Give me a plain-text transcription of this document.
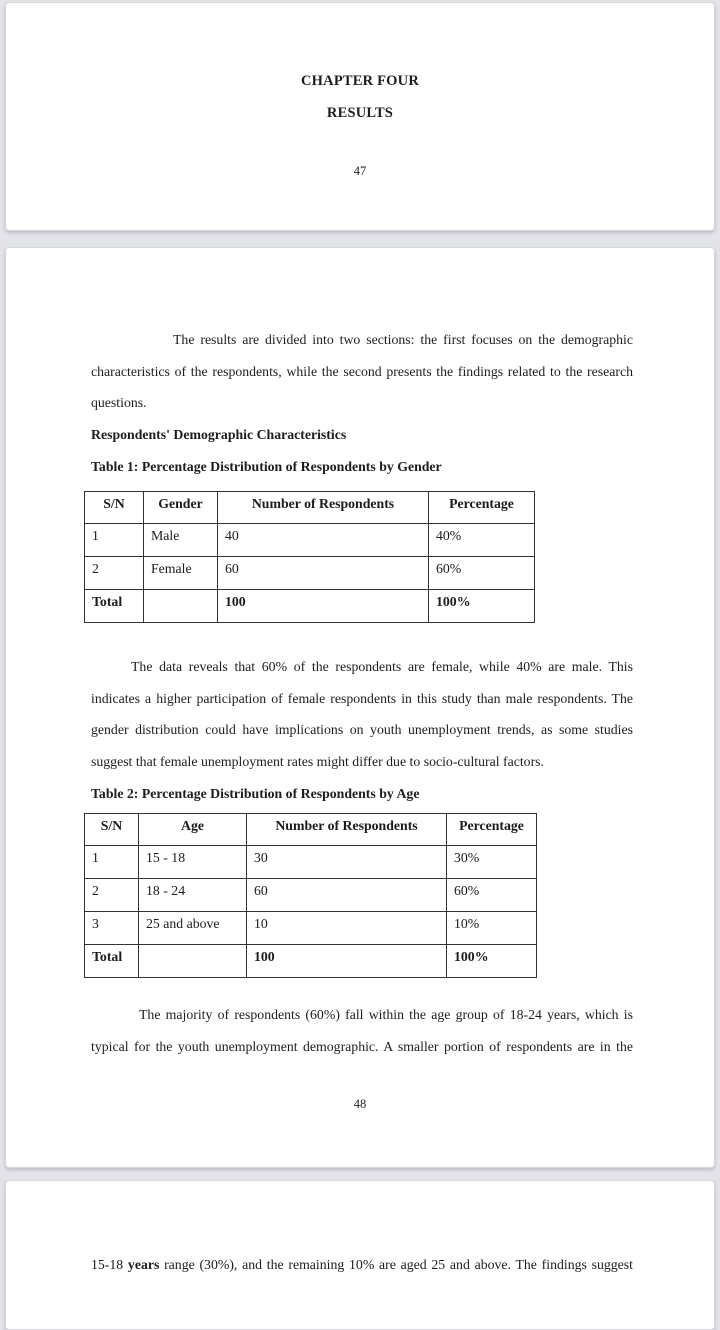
CHAPTER FOUR
RESULTS
47
The results are divided into two sections: the first focuses on the demographic
characteristics of the respondents, while the second presents the findings related to the research
questions.
Respondents' Demographic Characteristics
Table 1: Percentage Distribution of Respondents by Gender
S/N	Gender	Number of Respondents	Percentage
1	Male	40	40%
2	Female	60	60%
Total		100	100%
The data reveals that 60% of the respondents are female, while 40% are male. This
indicates a higher participation of female respondents in this study than male respondents. The
gender distribution could have implications on youth unemployment trends, as some studies
suggest that female unemployment rates might differ due to socio-cultural factors.
Table 2: Percentage Distribution of Respondents by Age
S/N	Age	Number of Respondents	Percentage
1	15 - 18	30	30%
2	18 - 24	60	60%
3	25 and above	10	10%
Total		100	100%
The majority of respondents (60%) fall within the age group of 18-24 years, which is
typical for the youth unemployment demographic. A smaller portion of respondents are in the
48
15-18 years range (30%), and the remaining 10% are aged 25 and above. The findings suggest
